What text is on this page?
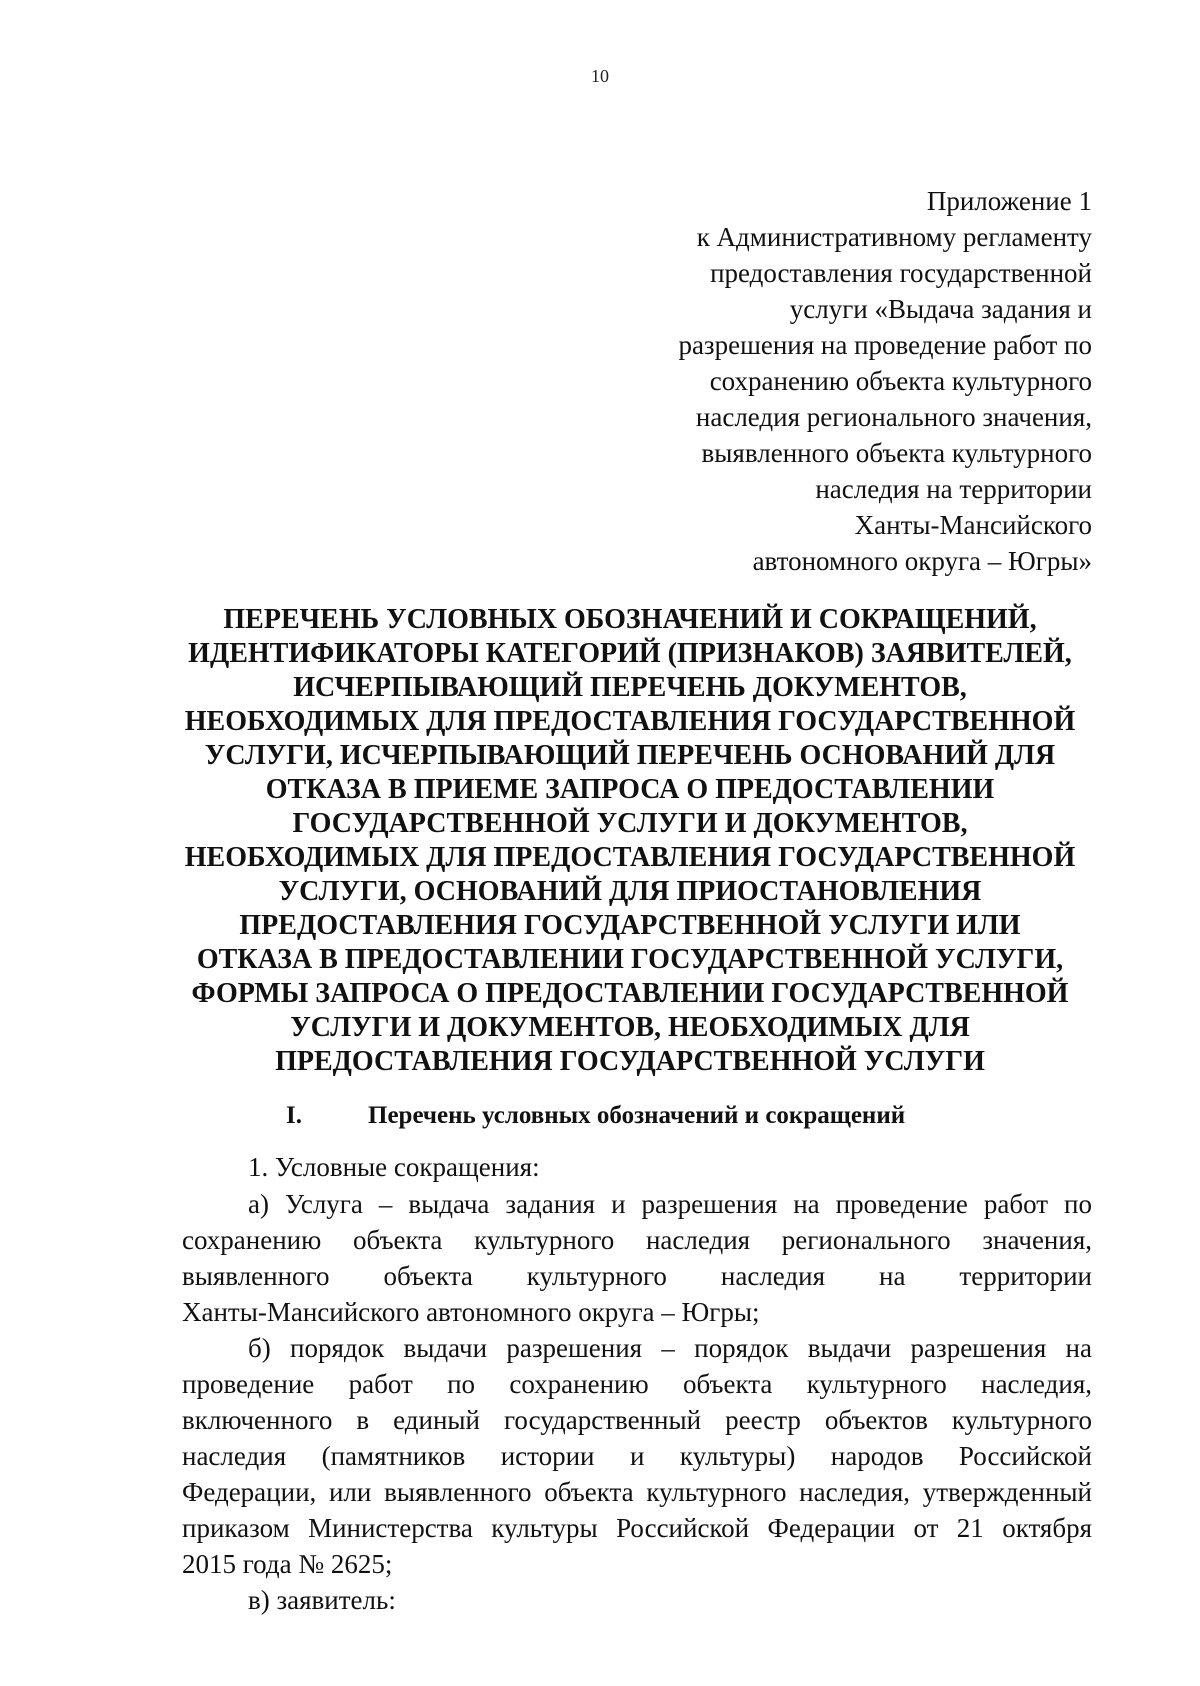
10
Приложение 1
к Административному регламенту
предоставления государственной
услуги «Выдача задания и
разрешения на проведение работ по
сохранению объекта культурного
наследия регионального значения,
выявленного объекта культурного
наследия на территории
Ханты-Мансийского
автономного округа – Югры»
ПЕРЕЧЕНЬ УСЛОВНЫХ ОБОЗНАЧЕНИЙ И СОКРАЩЕНИЙ,
ИДЕНТИФИКАТОРЫ КАТЕГОРИЙ (ПРИЗНАКОВ) ЗАЯВИТЕЛЕЙ,
ИСЧЕРПЫВАЮЩИЙ ПЕРЕЧЕНЬ ДОКУМЕНТОВ,
НЕОБХОДИМЫХ ДЛЯ ПРЕДОСТАВЛЕНИЯ ГОСУДАРСТВЕННОЙ
УСЛУГИ, ИСЧЕРПЫВАЮЩИЙ ПЕРЕЧЕНЬ ОСНОВАНИЙ ДЛЯ
ОТКАЗА В ПРИЕМЕ ЗАПРОСА О ПРЕДОСТАВЛЕНИИ
ГОСУДАРСТВЕННОЙ УСЛУГИ И ДОКУМЕНТОВ,
НЕОБХОДИМЫХ ДЛЯ ПРЕДОСТАВЛЕНИЯ ГОСУДАРСТВЕННОЙ
УСЛУГИ, ОСНОВАНИЙ ДЛЯ ПРИОСТАНОВЛЕНИЯ
ПРЕДОСТАВЛЕНИЯ ГОСУДАРСТВЕННОЙ УСЛУГИ ИЛИ
ОТКАЗА В ПРЕДОСТАВЛЕНИИ ГОСУДАРСТВЕННОЙ УСЛУГИ,
ФОРМЫ ЗАПРОСА О ПРЕДОСТАВЛЕНИИ ГОСУДАРСТВЕННОЙ
УСЛУГИ И ДОКУМЕНТОВ, НЕОБХОДИМЫХ ДЛЯ
ПРЕДОСТАВЛЕНИЯ ГОСУДАРСТВЕННОЙ УСЛУГИ
I.	Перечень условных обозначений и сокращений
1. Условные сокращения:
а) Услуга – выдача задания и разрешения на проведение работ по
сохранению объекта культурного наследия регионального значения,
выявленного объекта культурного наследия на территории
Ханты-Мансийского автономного округа – Югры;
б) порядок выдачи разрешения – порядок выдачи разрешения на
проведение работ по сохранению объекта культурного наследия,
включенного в единый государственный реестр объектов культурного
наследия (памятников истории и культуры) народов Российской
Федерации, или выявленного объекта культурного наследия, утвержденный
приказом Министерства культуры Российской Федерации от 21 октября
2015 года № 2625;
в) заявитель:
